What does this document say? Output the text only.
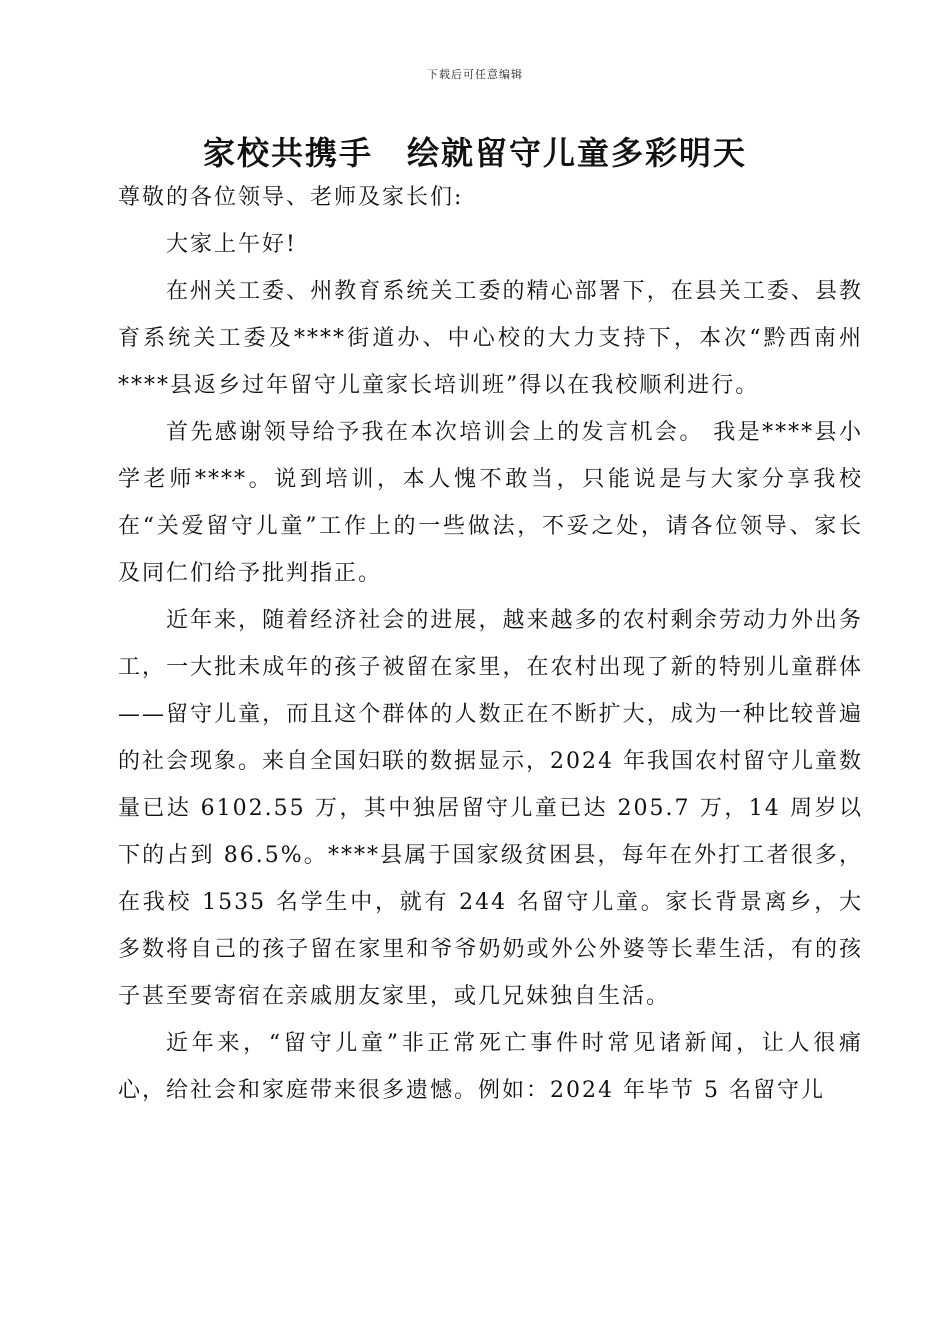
下载后可任意编辑
家校共携手　绘就留守儿童多彩明天

尊敬的各位领导、老师及家长们:

大家上午好!

在州关工委、州教育系统关工委的精心部署下，在县关工委、县教育系统关工委及****街道办、中心校的大力支持下，本次“黔西南州****县返乡过年留守儿童家长培训班”得以在我校顺利进行。

首先感谢领导给予我在本次培训会上的发言机会。 我是****县小学老师****。说到培训，本人愧不敢当，只能说是与大家分享我校在“关爱留守儿童”工作上的一些做法，不妥之处，请各位领导、家长及同仁们给予批判指正。

近年来，随着经济社会的进展，越来越多的农村剩余劳动力外出务工，一大批未成年的孩子被留在家里，在农村出现了新的特别儿童群体——留守儿童，而且这个群体的人数正在不断扩大，成为一种比较普遍的社会现象。来自全国妇联的数据显示，2024 年我国农村留守儿童数量已达 6102.55 万，其中独居留守儿童已达 205.7 万，14 周岁以下的占到 86.5%。****县属于国家级贫困县，每年在外打工者很多，在我校 1535 名学生中，就有 244 名留守儿童。家长背景离乡，大多数将自己的孩子留在家里和爷爷奶奶或外公外婆等长辈生活，有的孩子甚至要寄宿在亲戚朋友家里，或几兄妹独自生活。

近年来，“留守儿童”非正常死亡事件时常见诸新闻，让人很痛心，给社会和家庭带来很多遗憾。例如：2024 年毕节 5 名留守儿
